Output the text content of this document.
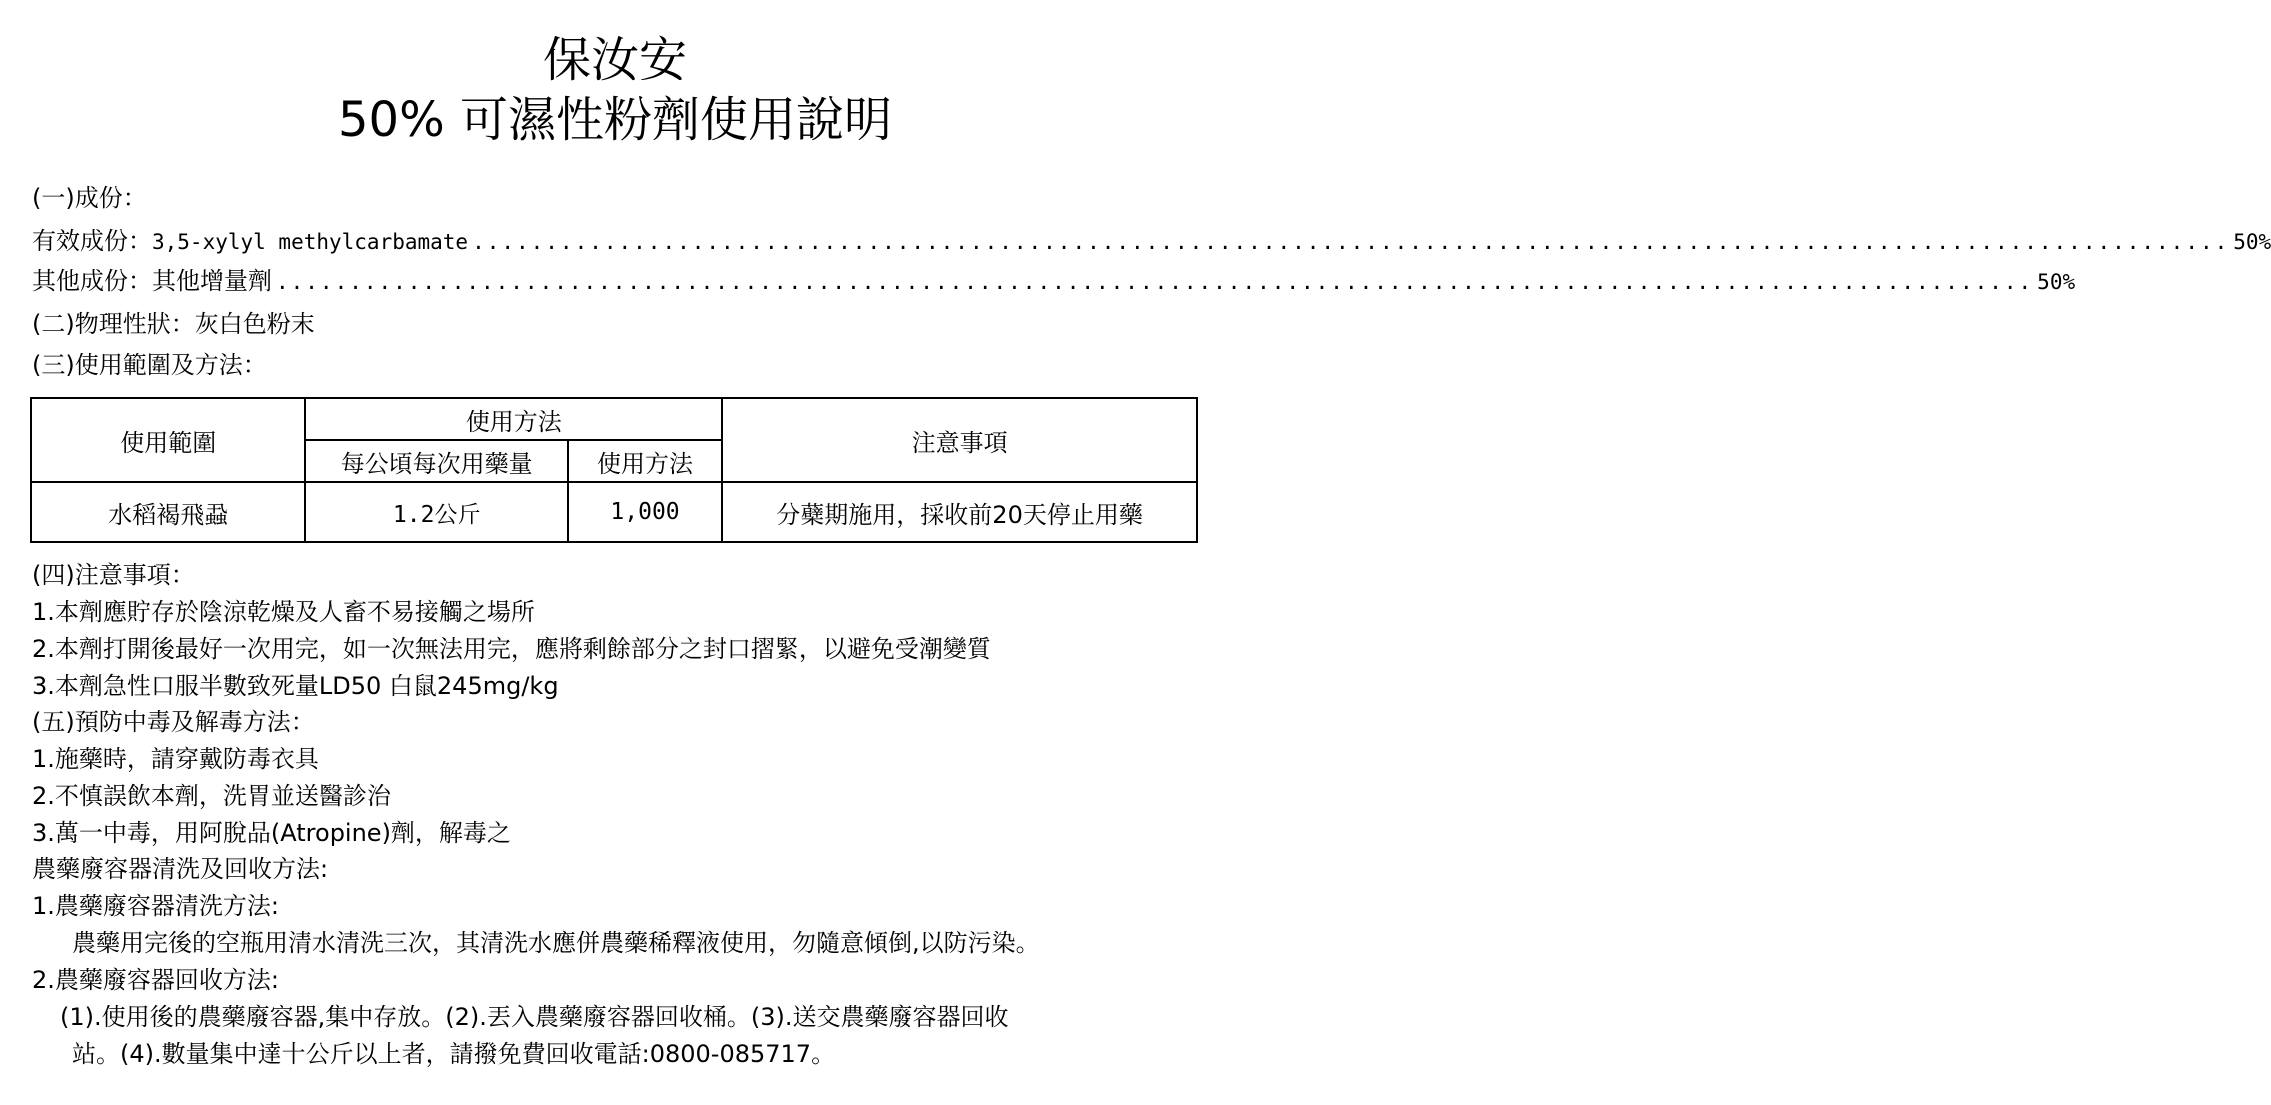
保汝安
50% 可濕性粉劑使用說明
(一)成份：
有效成份： 3,5-xylyl methylcarbamate ........................................................................................................................ 50%
其他成份： 其他增量劑 ........................................................................................................................ 50%
(二)物理性狀：灰白色粉末
(三)使用範圍及方法：
使用範圍	使用方法		注意事項
	每公頃每次用藥量	使用方法	
水稻褐飛蝨	1.2公斤	1,000	分蘗期施用，採收前20天停止用藥
(四)注意事項：
1.本劑應貯存於陰涼乾燥及人畜不易接觸之場所
2.本劑打開後最好一次用完，如一次無法用完，應將剩餘部分之封口摺緊，以避免受潮變質
3.本劑急性口服半數致死量LD50 白鼠245mg/kg
(五)預防中毒及解毒方法：
1.施藥時，請穿戴防毒衣具
2.不慎誤飲本劑，洗胃並送醫診治
3.萬一中毒，用阿脫品(Atropine)劑，解毒之
農藥廢容器清洗及回收方法:
1.農藥廢容器清洗方法:
農藥用完後的空瓶用清水清洗三次，其清洗水應併農藥稀釋液使用，勿隨意傾倒,以防污染。
2.農藥廢容器回收方法:
(1).使用後的農藥廢容器,集中存放。(2).丟入農藥廢容器回收桶。(3).送交農藥廢容器回收
站。(4).數量集中達十公斤以上者，請撥免費回收電話:0800-085717。
